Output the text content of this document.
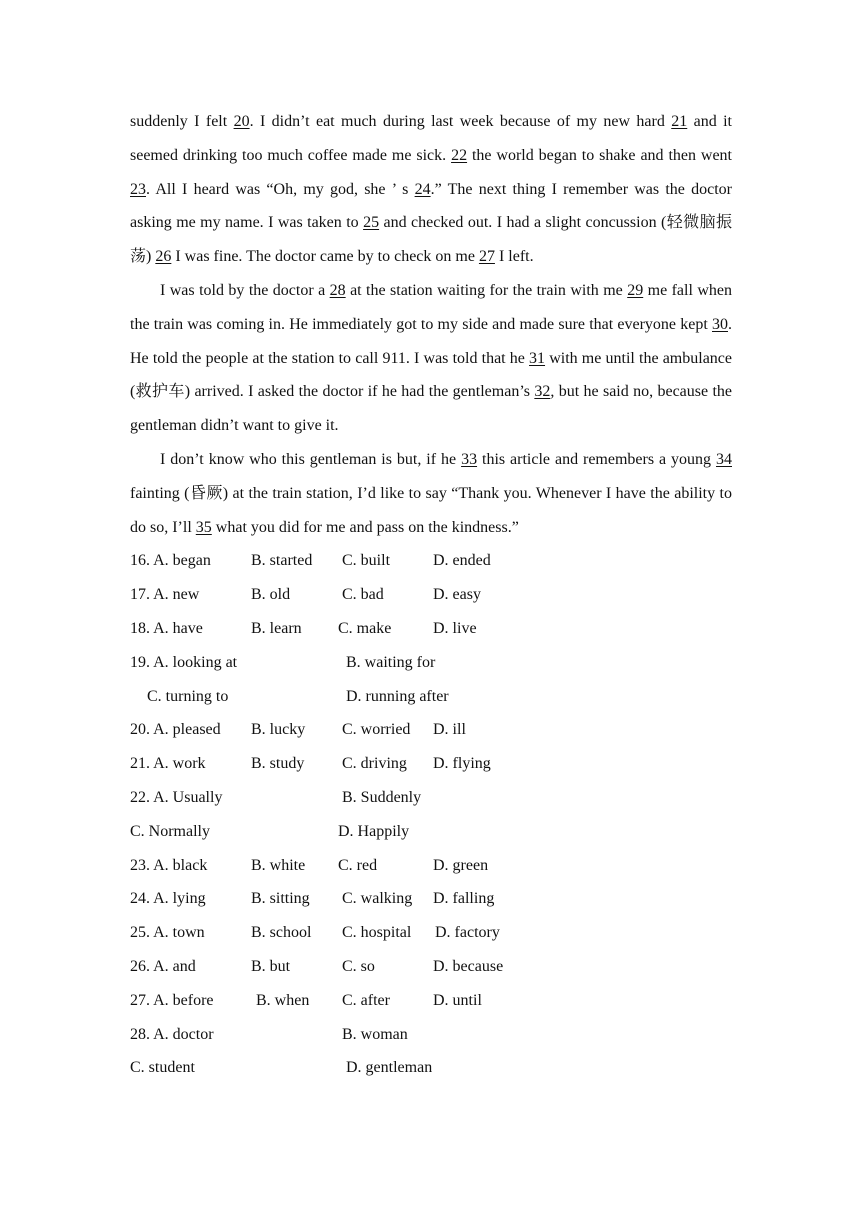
suddenly I felt 20. I didn’t eat much during last week because of my new hard 21 and it seemed drinking too much coffee made me sick. 22 the world began to shake and then went 23. All I heard was “Oh, my god, she ’ s 24.” The next thing I remember was the doctor asking me my name. I was taken to 25 and checked out. I had a slight concussion (轻微脑振荡) 26 I was fine. The doctor came by to check on me 27 I left.

I was told by the doctor a 28 at the station waiting for the train with me 29 me fall when the train was coming in. He immediately got to my side and made sure that everyone kept 30. He told the people at the station to call 911. I was told that he 31 with me until the ambulance (救护车) arrived. I asked the doctor if he had the gentleman’s 32, but he said no, because the gentleman didn’t want to give it.

I don’t know who this gentleman is but, if he 33 this article and remembers a young 34 fainting (昏厥) at the train station, I’d like to say “Thank you. Whenever I have the ability to do so, I’ll 35 what you did for me and pass on the kindness.”

16. A. began	B. started C. built	D. ended
17. A. new	B. old	C. bad	D. easy
18. A. have	B. learn C. make	D. live
19. A. looking at	B. waiting for
C. turning to	D. running after
20. A. pleased B. lucky C. worried D. ill
21. A. work	B. study C. driving D. flying
22. A. Usually	B. Suddenly
C. Normally	D. Happily
23. A. black	B. white C. red	D. green
24. A. lying	B. sitting C. walking D. falling
25. A. town	B. school C. hospital D. factory
26. A. and	B. but	C. so	D. because
27. A. before	B. when C. after	D. until
28. A. doctor	B. woman
C. student	D. gentleman
